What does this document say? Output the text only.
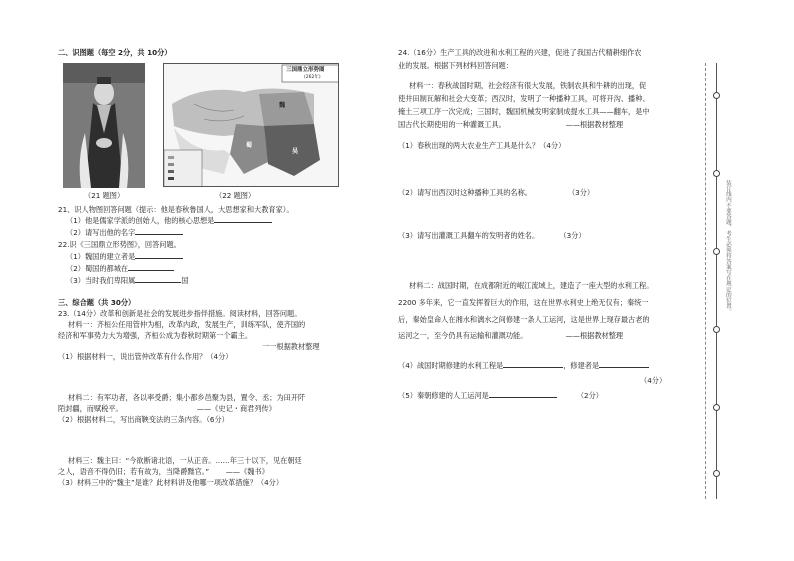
二、识图题（每空 2分，共 10分）
三国鼎立形势图
(262年)
魏
蜀
吴
（21 题图）	（22 题图）
21、识人物图回答问题（提示：他是春秋鲁国人，大思想家和大教育家）。
（1）他是儒家学派的创始人，他的核心思想是
（2）请写出他的名字
22.识《三国鼎立形势图》，回答问题。
（1）魏国的建立者是
（2）蜀国的都城在
（3）当时我们卑阳属	国
三、综合题（共 30分）
23.（14分）改革和创新是社会的发展进步指伴措施。阅读材料，回答问题。
材料一：齐桓公任用管仲为相，改革内政，发展生产，训练军队，使齐国的
经济和军事势力大为增强，齐桓公成为春秋时期第一个霸主。
一一根据教材整理
（1）根据材料一，说出管仲改革有什么作用？（4分）
材料二：有军功者，各以率受爵；集小都乡邑聚为县，置令、丞；为田开阡
陌封疆，而赋税平。 　　　　　　　　　　——《史记・商君列传》
（2）根据材料二，写出商鞅变法的三条内容。（6分）
材料三：魏主曰：“今欲断诸北语，一从正音。……年三十以下，见在朝廷
之人，语音不得仍旧；若有故为，当降爵黜官。” 　　——《魏书》
（3）材料三中的“魏主”是谁？此材料讲及他哪一项改革措施？（4分）
24.（16分）生产工具的改进和水利工程的兴建，促进了我国古代精耕细作农
业的发展。根据下列材料回答问题：
材料一：春秋战国时期，社会经济有很大发展，铁制农具和牛耕的出现，促
使井田制瓦解和社会大变革；西汉时，发明了一种播种工具，可将开沟、播种、
掩土三项工序一次完成；三国时，魏国机械发明家制成提水工具——翻车，是中
国古代长期使用的一种灌溉工具。 　　　　　　　　——根据教材整理
（1）春秋出现的两大农业生产工具是什么？（4分）
（2）请写出西汉时这种播种工具的名称。	（3分）
（3）请写出灌溉工具翻车的发明者的姓名。 　　　（3分）
材料二：战国时期，在成都附近的岷江流域上，建造了一座大型的水利工程。
2200 多年来，它一直发挥着巨大的作用，这在世界水利史上绝无仅有；秦统一
后，秦始皇命人在湘水和漓水之间修建一条人工运河，这是世界上现存最古老的
运河之一，至今仍具有运输和灌溉功能。 　　　　　——根据教材整理
（4）战国时期修建的水利工程是	，修建者是
（4分）
（5）秦朝修建的人工运河是	（2分）
装订线内不要答题，考生必须将答案写在规定的位置。
